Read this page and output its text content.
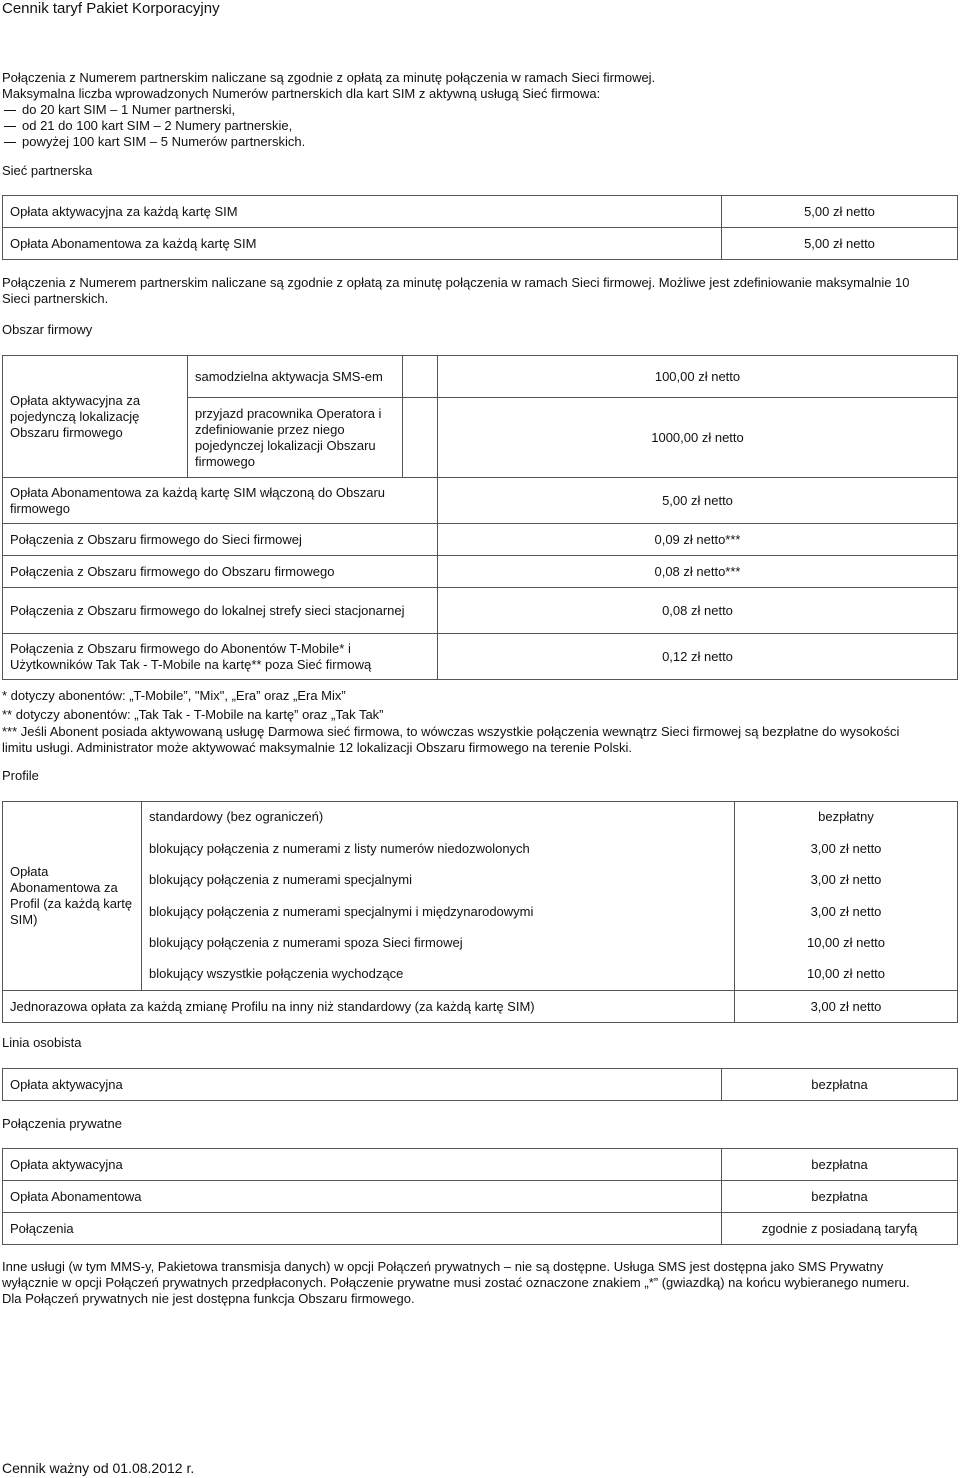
Cennik taryf Pakiet Korporacyjny
Połączenia z Numerem partnerskim naliczane są zgodnie z opłatą za minutę połączenia w ramach Sieci firmowej.
Maksymalna liczba wprowadzonych Numerów partnerskich dla kart SIM z aktywną usługą Sieć firmowa:
do 20 kart SIM – 1 Numer partnerski,
od 21 do 100 kart SIM – 2 Numery partnerskie,
powyżej 100 kart SIM – 5 Numerów partnerskich.
Sieć partnerska
Opłata aktywacyjna za każdą kartę SIM	5,00 zł netto
Opłata Abonamentowa za każdą kartę SIM	5,00 zł netto
Połączenia z Numerem partnerskim naliczane są zgodnie z opłatą za minutę połączenia w ramach Sieci firmowej. Możliwe jest zdefiniowanie maksymalnie 10 Sieci partnerskich.
Obszar firmowy
Opłata aktywacyjna za pojedynczą lokalizację Obszaru firmowego	samodzielna aktywacja SMS-em		100,00 zł netto
	przyjazd pracownika Operatora i zdefiniowanie przez niego pojedynczej lokalizacji Obszaru firmowego		1000,00 zł netto
Opłata Abonamentowa za każdą kartę SIM włączoną do Obszaru firmowego			5,00 zł netto
Połączenia z Obszaru firmowego do Sieci firmowej			0,09 zł netto***
Połączenia z Obszaru firmowego do Obszaru firmowego			0,08 zł netto***
Połączenia z Obszaru firmowego do lokalnej strefy sieci stacjonarnej			0,08 zł netto
Połączenia z Obszaru firmowego do Abonentów T-Mobile* i Użytkowników Tak Tak - T-Mobile na kartę** poza Sieć firmową			0,12 zł netto
* dotyczy abonentów: „T-Mobile”, "Mix", „Era” oraz „Era Mix”
** dotyczy abonentów: „Tak Tak - T-Mobile na kartę” oraz „Tak Tak”
*** Jeśli Abonent posiada aktywowaną usługę Darmowa sieć firmowa, to wówczas wszystkie połączenia wewnątrz Sieci firmowej są bezpłatne do wysokości limitu usługi. Administrator może aktywować maksymalnie 12 lokalizacji Obszaru firmowego na terenie Polski.
Profile
Opłata Abonamentowa za Profil (za każdą kartę SIM)	standardowy (bez ograniczeń)	bezpłatny
	blokujący połączenia z numerami z listy numerów niedozwolonych	3,00 zł netto
	blokujący połączenia z numerami specjalnymi	3,00 zł netto
	blokujący połączenia z numerami specjalnymi i międzynarodowymi	3,00 zł netto
	blokujący połączenia z numerami spoza Sieci firmowej	10,00 zł netto
	blokujący wszystkie połączenia wychodzące	10,00 zł netto
Jednorazowa opłata za każdą zmianę Profilu na inny niż standardowy (za każdą kartę SIM)		3,00 zł netto
Linia osobista
Opłata aktywacyjna	bezpłatna
Połączenia prywatne
Opłata aktywacyjna	bezpłatna
Opłata Abonamentowa	bezpłatna
Połączenia	zgodnie z posiadaną taryfą
Inne usługi (w tym MMS-y, Pakietowa transmisja danych) w opcji Połączeń prywatnych – nie są dostępne. Usługa SMS jest dostępna jako SMS Prywatny wyłącznie w opcji Połączeń prywatnych przedpłaconych. Połączenie prywatne musi zostać oznaczone znakiem „*” (gwiazdką) na końcu wybieranego numeru. Dla Połączeń prywatnych nie jest dostępna funkcja Obszaru firmowego.
Cennik ważny od 01.08.2012 r.
